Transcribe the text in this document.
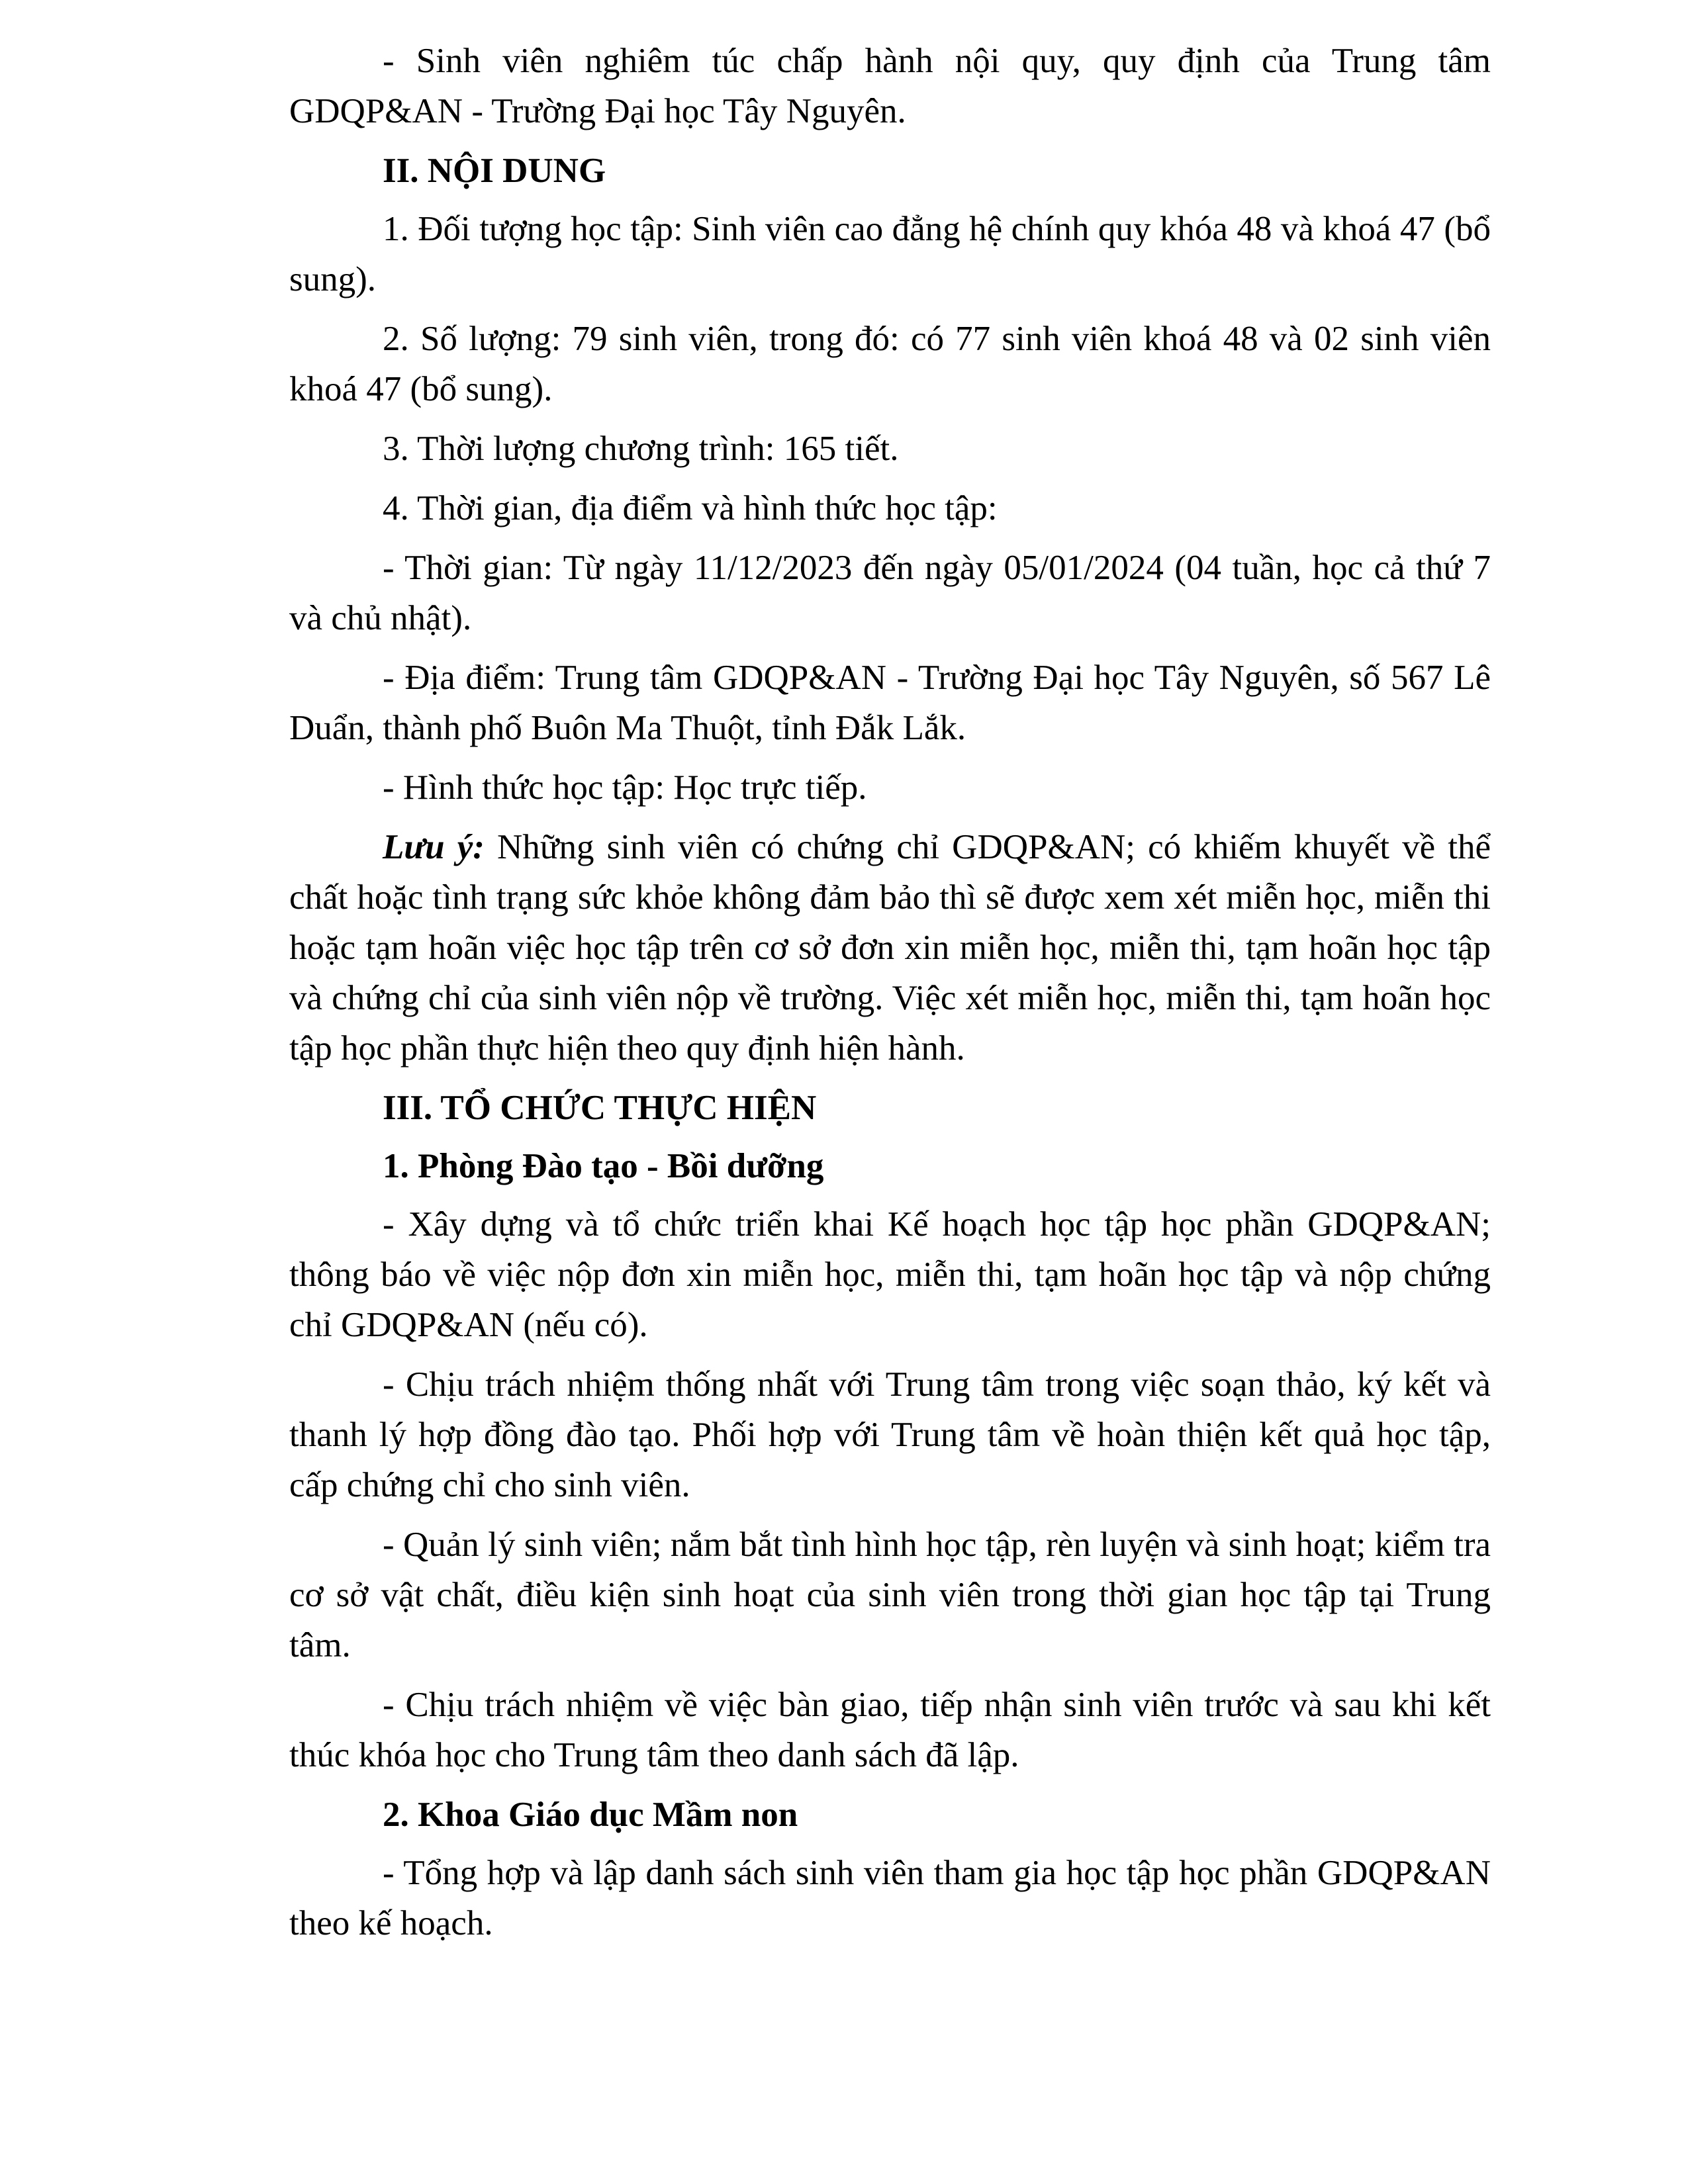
- Sinh viên nghiêm túc chấp hành nội quy, quy định của Trung tâm GDQP&AN - Trường Đại học Tây Nguyên.

II. NỘI DUNG

1. Đối tượng học tập: Sinh viên cao đẳng hệ chính quy khóa 48 và khoá 47 (bổ sung).

2. Số lượng: 79 sinh viên, trong đó: có 77 sinh viên khoá 48 và 02 sinh viên khoá 47 (bổ sung).

3. Thời lượng chương trình: 165 tiết.

4. Thời gian, địa điểm và hình thức học tập:

- Thời gian: Từ ngày 11/12/2023 đến ngày 05/01/2024 (04 tuần, học cả thứ 7 và chủ nhật).

- Địa điểm: Trung tâm GDQP&AN - Trường Đại học Tây Nguyên, số 567 Lê Duẩn, thành phố Buôn Ma Thuột, tỉnh Đắk Lắk.

- Hình thức học tập: Học trực tiếp.

Lưu ý: Những sinh viên có chứng chỉ GDQP&AN; có khiếm khuyết về thể chất hoặc tình trạng sức khỏe không đảm bảo thì sẽ được xem xét miễn học, miễn thi hoặc tạm hoãn việc học tập trên cơ sở đơn xin miễn học, miễn thi, tạm hoãn học tập và chứng chỉ của sinh viên nộp về trường. Việc xét miễn học, miễn thi, tạm hoãn học tập học phần thực hiện theo quy định hiện hành.

III. TỔ CHỨC THỰC HIỆN

1. Phòng Đào tạo - Bồi dưỡng

- Xây dựng và tổ chức triển khai Kế hoạch học tập học phần GDQP&AN; thông báo về việc nộp đơn xin miễn học, miễn thi, tạm hoãn học tập và nộp chứng chỉ GDQP&AN (nếu có).

- Chịu trách nhiệm thống nhất với Trung tâm trong việc soạn thảo, ký kết và thanh lý hợp đồng đào tạo. Phối hợp với Trung tâm về hoàn thiện kết quả học tập, cấp chứng chỉ cho sinh viên.

- Quản lý sinh viên; nắm bắt tình hình học tập, rèn luyện và sinh hoạt; kiểm tra cơ sở vật chất, điều kiện sinh hoạt của sinh viên trong thời gian học tập tại Trung tâm.

- Chịu trách nhiệm về việc bàn giao, tiếp nhận sinh viên trước và sau khi kết thúc khóa học cho Trung tâm theo danh sách đã lập.

2. Khoa Giáo dục Mầm non

- Tổng hợp và lập danh sách sinh viên tham gia học tập học phần GDQP&AN theo kế hoạch.
